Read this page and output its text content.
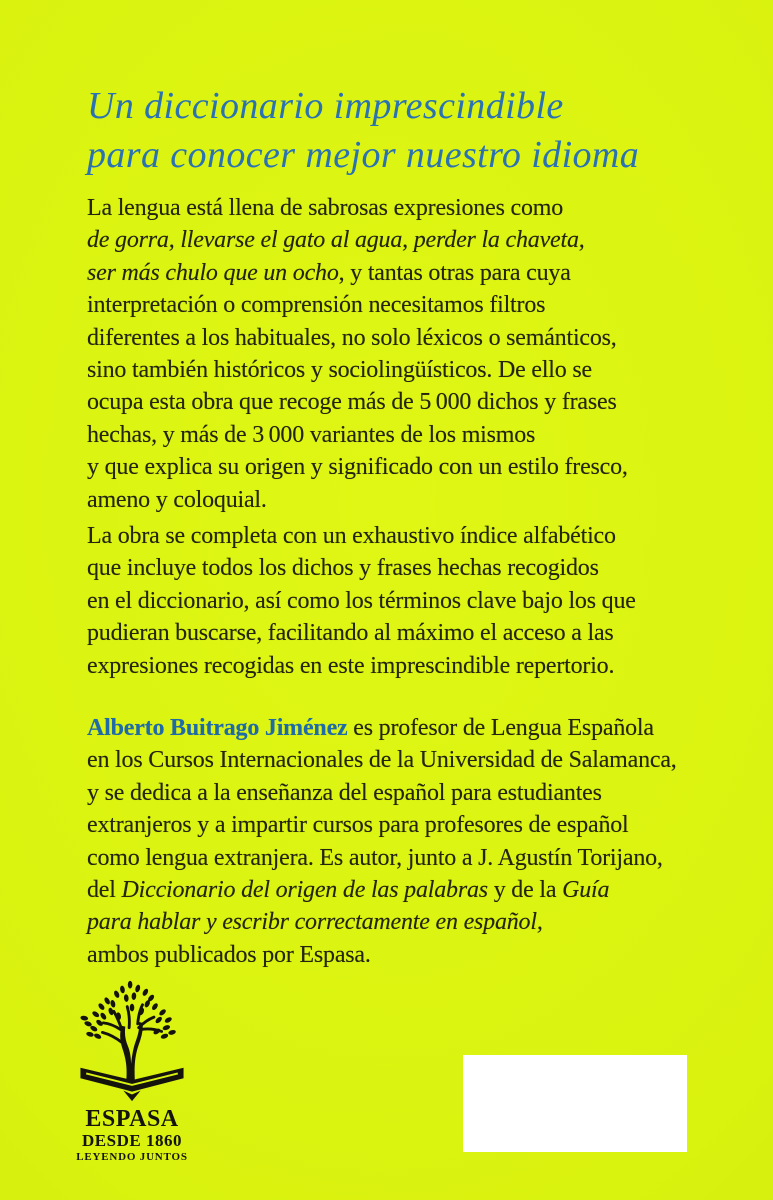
Un diccionario imprescindible
para conocer mejor nuestro idioma
La lengua está llena de sabrosas expresiones como
de gorra, llevarse el gato al agua, perder la chaveta,
ser más chulo que un ocho, y tantas otras para cuya
interpretación o comprensión necesitamos filtros
diferentes a los habituales, no solo léxicos o semánticos,
sino también históricos y sociolingüísticos. De ello se
ocupa esta obra que recoge más de 5 000 dichos y frases
hechas, y más de 3 000 variantes de los mismos
y que explica su origen y significado con un estilo fresco,
ameno y coloquial.
La obra se completa con un exhaustivo índice alfabético
que incluye todos los dichos y frases hechas recogidos
en el diccionario, así como los términos clave bajo los que
pudieran buscarse, facilitando al máximo el acceso a las
expresiones recogidas en este imprescindible repertorio.
Alberto Buitrago Jiménez es profesor de Lengua Española
en los Cursos Internacionales de la Universidad de Salamanca,
y se dedica a la enseñanza del español para estudiantes
extranjeros y a impartir cursos para profesores de español
como lengua extranjera. Es autor, junto a J. Agustín Torijano,
del Diccionario del origen de las palabras y de la Guía
para hablar y escribr correctamente en español,
ambos publicados por Espasa.
ESPASA
DESDE 1860
LEYENDO JUNTOS
